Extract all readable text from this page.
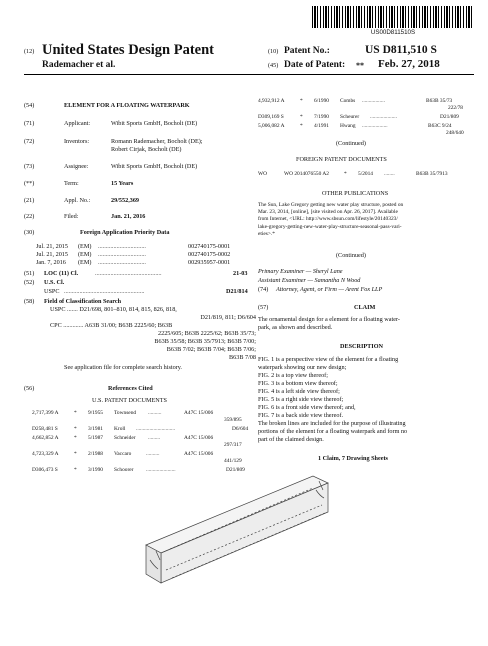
US00D811510S
(12) United States Design Patent	(10) Patent No.:	US D811,510 S
Rademacher et al.	(45) Date of Patent: ** Feb. 27, 2018
(54)	ELEMENT FOR A FLOATING WATERPARK
(71)	Applicant:	Wibit Sports GmbH, Bocholt (DE)
(72)	Inventors:	Romann Rademacher, Bocholt (DE);
Robert Cirjak, Bocholt (DE)
(73)	Assignee:	Wibit Sports GmbH, Bocholt (DE)
(**)	Term:	15 Years
(21)	Appl. No.:	29/552,369
(22)	Filed:	Jan. 21, 2016
(30)	Foreign Application Priority Data
Jul. 21, 2015 (EM) ...............................	002740175-0001
Jul. 21, 2015 (EM) ...............................	002740175-0002
Jan. 7, 2016 (EM) ...............................	002935957-0001
(51) LOC (11) Cl.	...........................................	21-03
(52) U.S. Cl.
USPC ....................................................	D21/814
(58) Field of Classification Search
USPC ....... D21/698, 801–810, 814, 815, 826, 818,
D21/819, 811; D6/604
CPC ............. A63B 31/00; B63B 2225/60; B63B
2225/605; B63B 2225/62; B63B 35/73;
B63B 35/58; B63B 35/7913; B63B 7/00;
B63B 7/02; B63B 7/04; B63B 7/06;
B63B 7/08
See application file for complete search history.
(56)	References Cited
U.S. PATENT DOCUMENTS
2,717,399 A	* 9/1955 Townsend ..........	A47C 15/006
359/895
D258,481 S	* 3/1981 Kroll .............................	D6/604
4,662,852 A	* 5/1987 Schneider .........	A47C 15/006
297/317
4,723,329 A	* 2/1988 Vaccaro	..........	A47C 15/006
441/129
D306,473 S	* 3/1990 Schoorer ......................	D21/809
4,932,912 A	* 6/1990 Combs .................	B63B 35/73
222/78
D309,169 S	* 7/1990 Scheurer ....................	D21/809
5,006,082 A	* 4/1991 Hwang ...................	B63C 9/24
248/640
(Continued)
FOREIGN PATENT DOCUMENTS
WO	WO 2014076550 A2	* 5/2014 ........	B63B 35/7913
OTHER PUBLICATIONS
The Sun, Lake Gregory getting new water play structure, posted on
Mar. 23, 2014, [online], [site visited on Apr. 26, 2017]. Available
from Internet, <URL: http://www.sbsun.com/lifestyle/20140323/
lake-gregory-getting-new-water-play-structure-seasonal-pass-vari-
eties>.*
(Continued)
Primary Examiner — Sheryl Lane
Assistant Examiner — Samantha N Wood
(74) Attorney, Agent, or Firm — Arent Fox LLP
(57)	CLAIM
The ornamental design for a element for a floating water-
park, as shown and described.
DESCRIPTION
FIG. 1 is a perspective view of the element for a floating
waterpark showing our new design;
FIG. 2 is a top view thereof;
FIG. 3 is a bottom view thereof;
FIG. 4 is a left side view thereof;
FIG. 5 is a right side view thereof;
FIG. 6 is a front side view thereof; and,
FIG. 7 is a back side view thereof.
The broken lines are included for the purpose of illustrating
portions of the element for a floating waterpark and form no
part of the claimed design.
1 Claim, 7 Drawing Sheets
